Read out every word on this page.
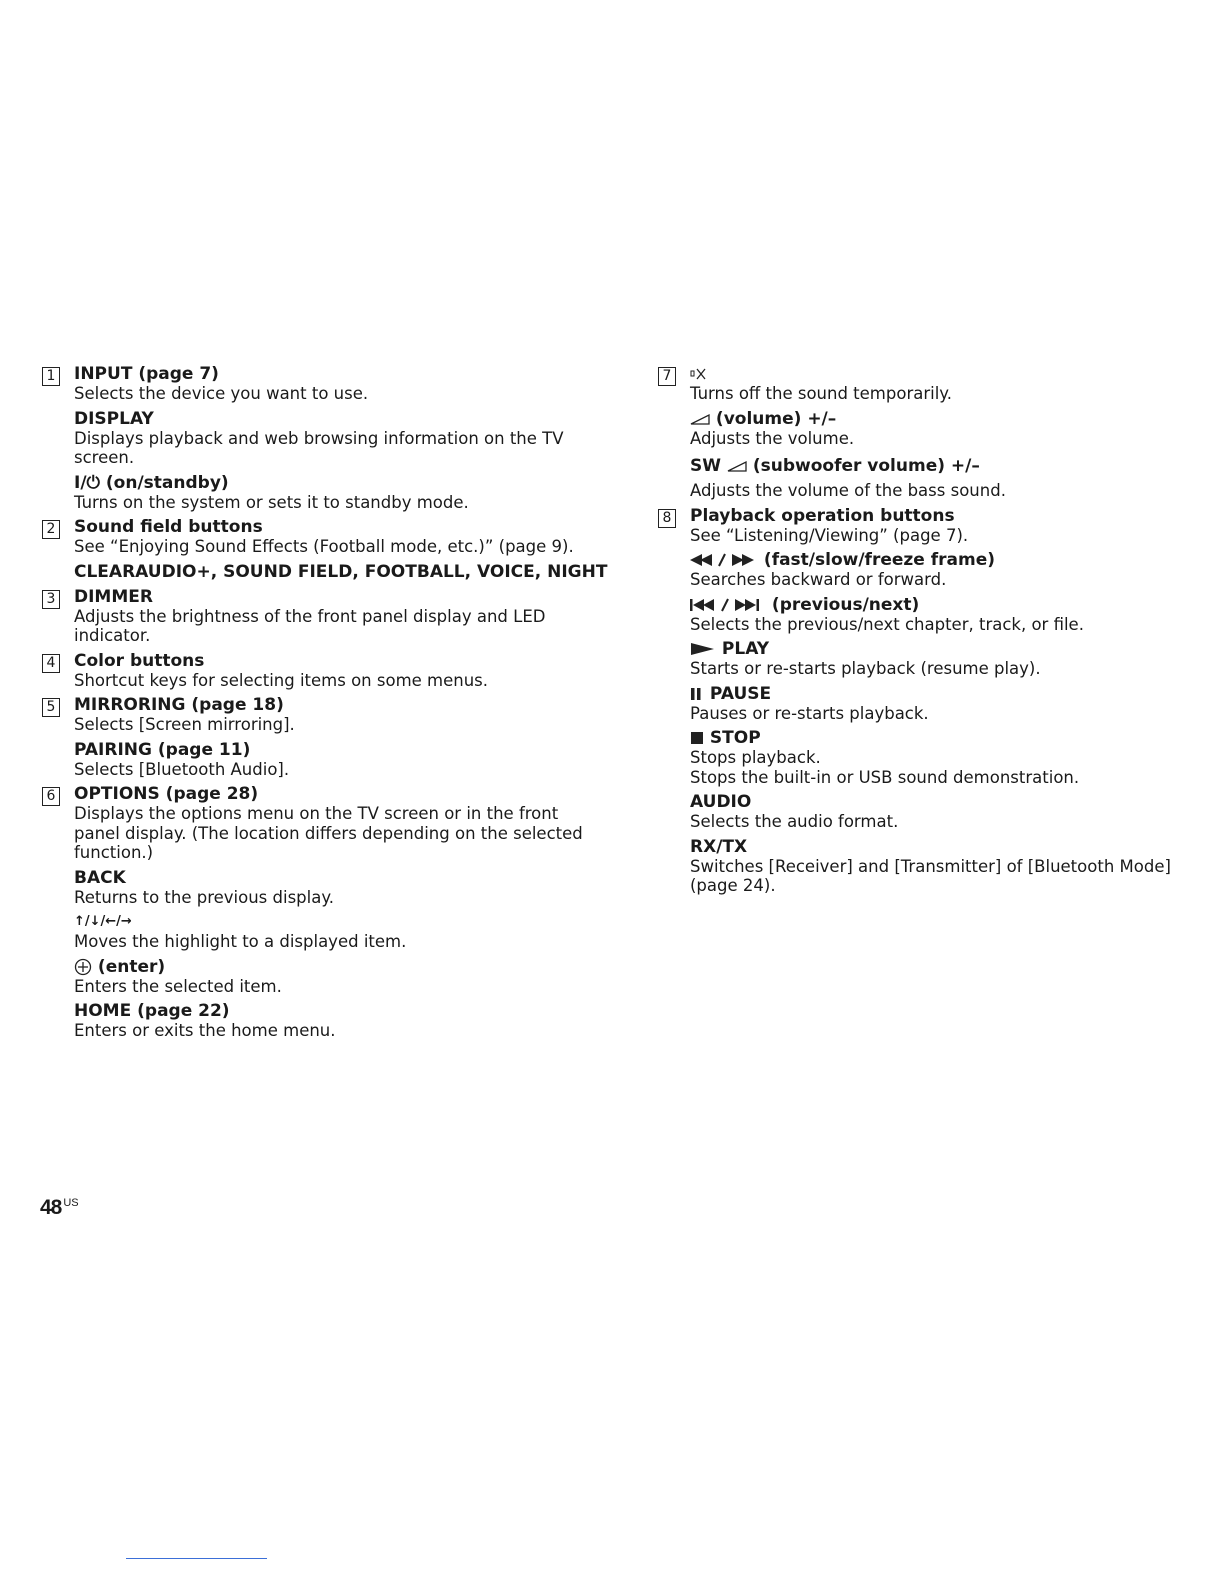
1 INPUT (page 7)

Selects the device you want to use.

DISPLAY

Displays playback and web browsing information on the TV screen.

I/⏻ (on/standby)

Turns on the system or sets it to standby mode.

2 Sound field buttons

See “Enjoying Sound Effects (Football mode, etc.)” (page 9).

CLEARAUDIO+, SOUND FIELD, FOOTBALL, VOICE, NIGHT

3 DIMMER

Adjusts the brightness of the front panel display and LED indicator.

4 Color buttons

Shortcut keys for selecting items on some menus.

5 MIRRORING (page 18)

Selects [Screen mirroring].

PAIRING (page 11)

Selects [Bluetooth Audio].

6 OPTIONS (page 28)

Displays the options menu on the TV screen or in the front panel display. (The location differs depending on the selected function.)

BACK

Returns to the previous display.

↑/↓/←/→

Moves the highlight to a displayed item.

(enter)

Enters the selected item.

HOME (page 22)

Enters or exits the home menu.

7

Turns off the sound temporarily.

(volume) +/–

Adjusts the volume.

SW (subwoofer volume) +/–

Adjusts the volume of the bass sound.

8 Playback operation buttons

See “Listening/Viewing” (page 7).

(fast/slow/freeze frame)

Searches backward or forward.

(previous/next)

Selects the previous/next chapter, track, or file.

PLAY

Starts or re-starts playback (resume play).

PAUSE

Pauses or re-starts playback.

STOP

Stops playback.

Stops the built-in or USB sound demonstration.

AUDIO

Selects the audio format.

RX/TX

Switches [Receiver] and [Transmitter] of [Bluetooth Mode] (page 24).

48 $^{US}$
